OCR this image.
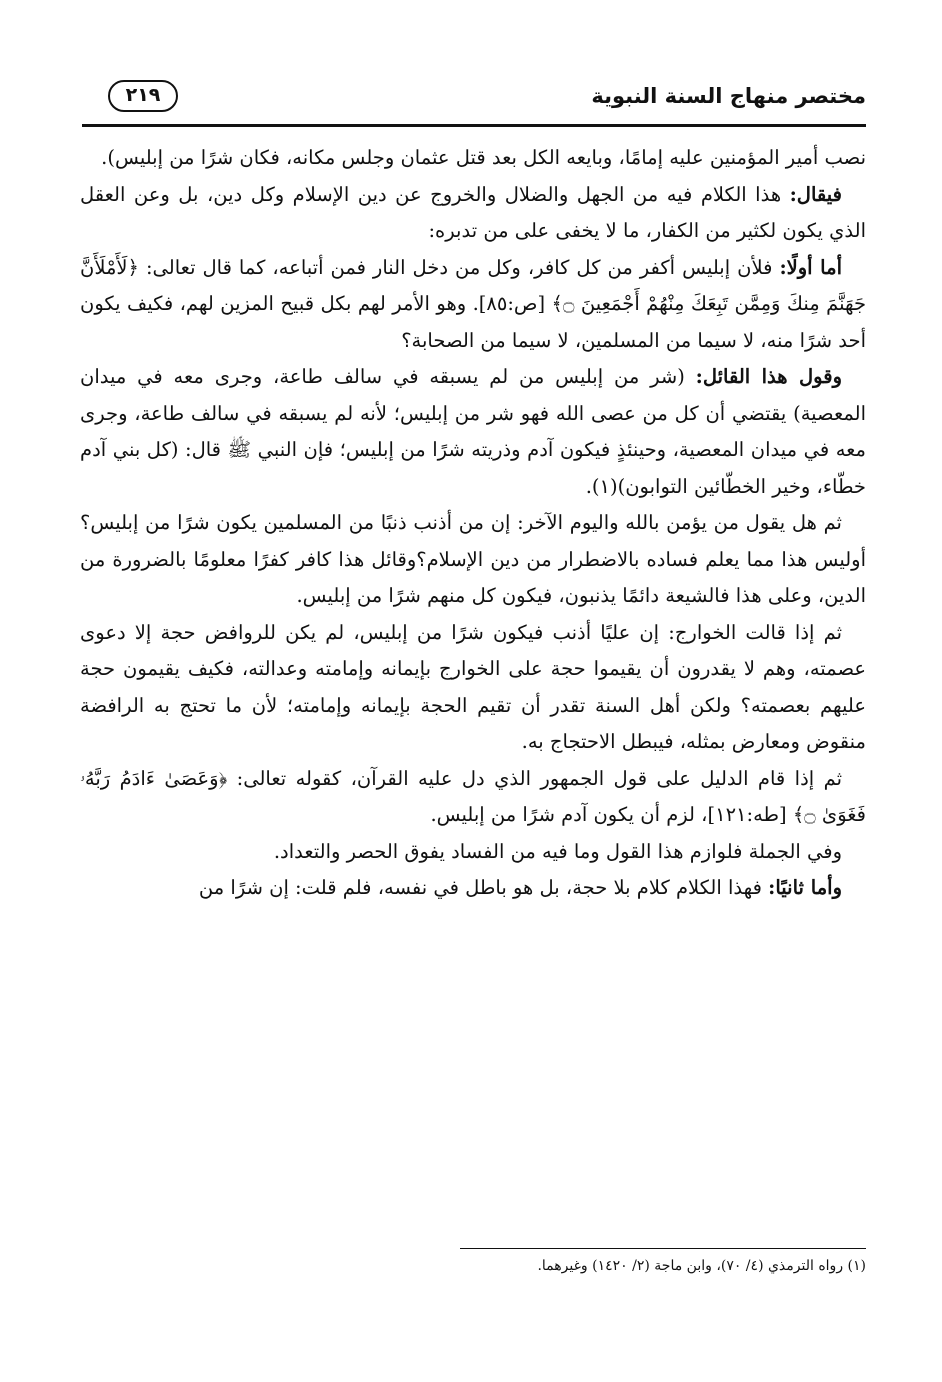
مختصر منهاج السنة النبوية
٢١٩

نصب أمير المؤمنين عليه إمامًا، وبايعه الكل بعد قتل عثمان وجلس مكانه، فكان شرًا من إبليس).

فيقال: هذا الكلام فيه من الجهل والضلال والخروج عن دين الإسلام وكل دين، بل وعن العقل الذي يكون لكثير من الكفار، ما لا يخفى على من تدبره:

أما أولًا: فلأن إبليس أكفر من كل كافر، وكل من دخل النار فمن أتباعه، كما قال تعالى: ﴿لَأَمْلَأَنَّ جَهَنَّمَ مِنكَ وَمِمَّن تَبِعَكَ مِنْهُمْ أَجْمَعِينَ ۝﴾ [ص:٨٥]. وهو الأمر لهم بكل قبيح المزين لهم، فكيف يكون أحد شرًا منه، لا سيما من المسلمين، لا سيما من الصحابة؟

وقول هذا القائل: (شر من إبليس من لم يسبقه في سالف طاعة، وجرى معه في ميدان المعصية) يقتضي أن كل من عصى الله فهو شر من إبليس؛ لأنه لم يسبقه في سالف طاعة، وجرى معه في ميدان المعصية، وحينئذٍ فيكون آدم وذريته شرًا من إبليس؛ فإن النبي ﷺ قال: (كل بني آدم خطّاء، وخير الخطّائين التوابون)(١).

ثم هل يقول من يؤمن بالله واليوم الآخر: إن من أذنب ذنبًا من المسلمين يكون شرًا من إبليس؟ أوليس هذا مما يعلم فساده بالاضطرار من دين الإسلام؟وقائل هذا كافر كفرًا معلومًا بالضرورة من الدين، وعلى هذا فالشيعة دائمًا يذنبون، فيكون كل منهم شرًا من إبليس.

ثم إذا قالت الخوارج: إن عليًا أذنب فيكون شرًا من إبليس، لم يكن للروافض حجة إلا دعوى عصمته، وهم لا يقدرون أن يقيموا حجة على الخوارج بإيمانه وإمامته وعدالته، فكيف يقيمون حجة عليهم بعصمته؟ ولكن أهل السنة تقدر أن تقيم الحجة بإيمانه وإمامته؛ لأن ما تحتج به الرافضة منقوض ومعارض بمثله، فيبطل الاحتجاج به.

ثم إذا قام الدليل على قول الجمهور الذي دل عليه القرآن، كقوله تعالى: ﴿وَعَصَىٰ ءَادَمُ رَبَّهُۥ فَغَوَىٰ ۝﴾ [طه:١٢١]، لزم أن يكون آدم شرًا من إبليس.

وفي الجملة فلوازم هذا القول وما فيه من الفساد يفوق الحصر والتعداد.

وأما ثانيًا: فهذا الكلام كلام بلا حجة، بل هو باطل في نفسه، فلم قلت: إن شرًا من

(١) رواه الترمذي (٤/ ٧٠)، وابن ماجة (٢/ ١٤٢٠) وغيرهما.
